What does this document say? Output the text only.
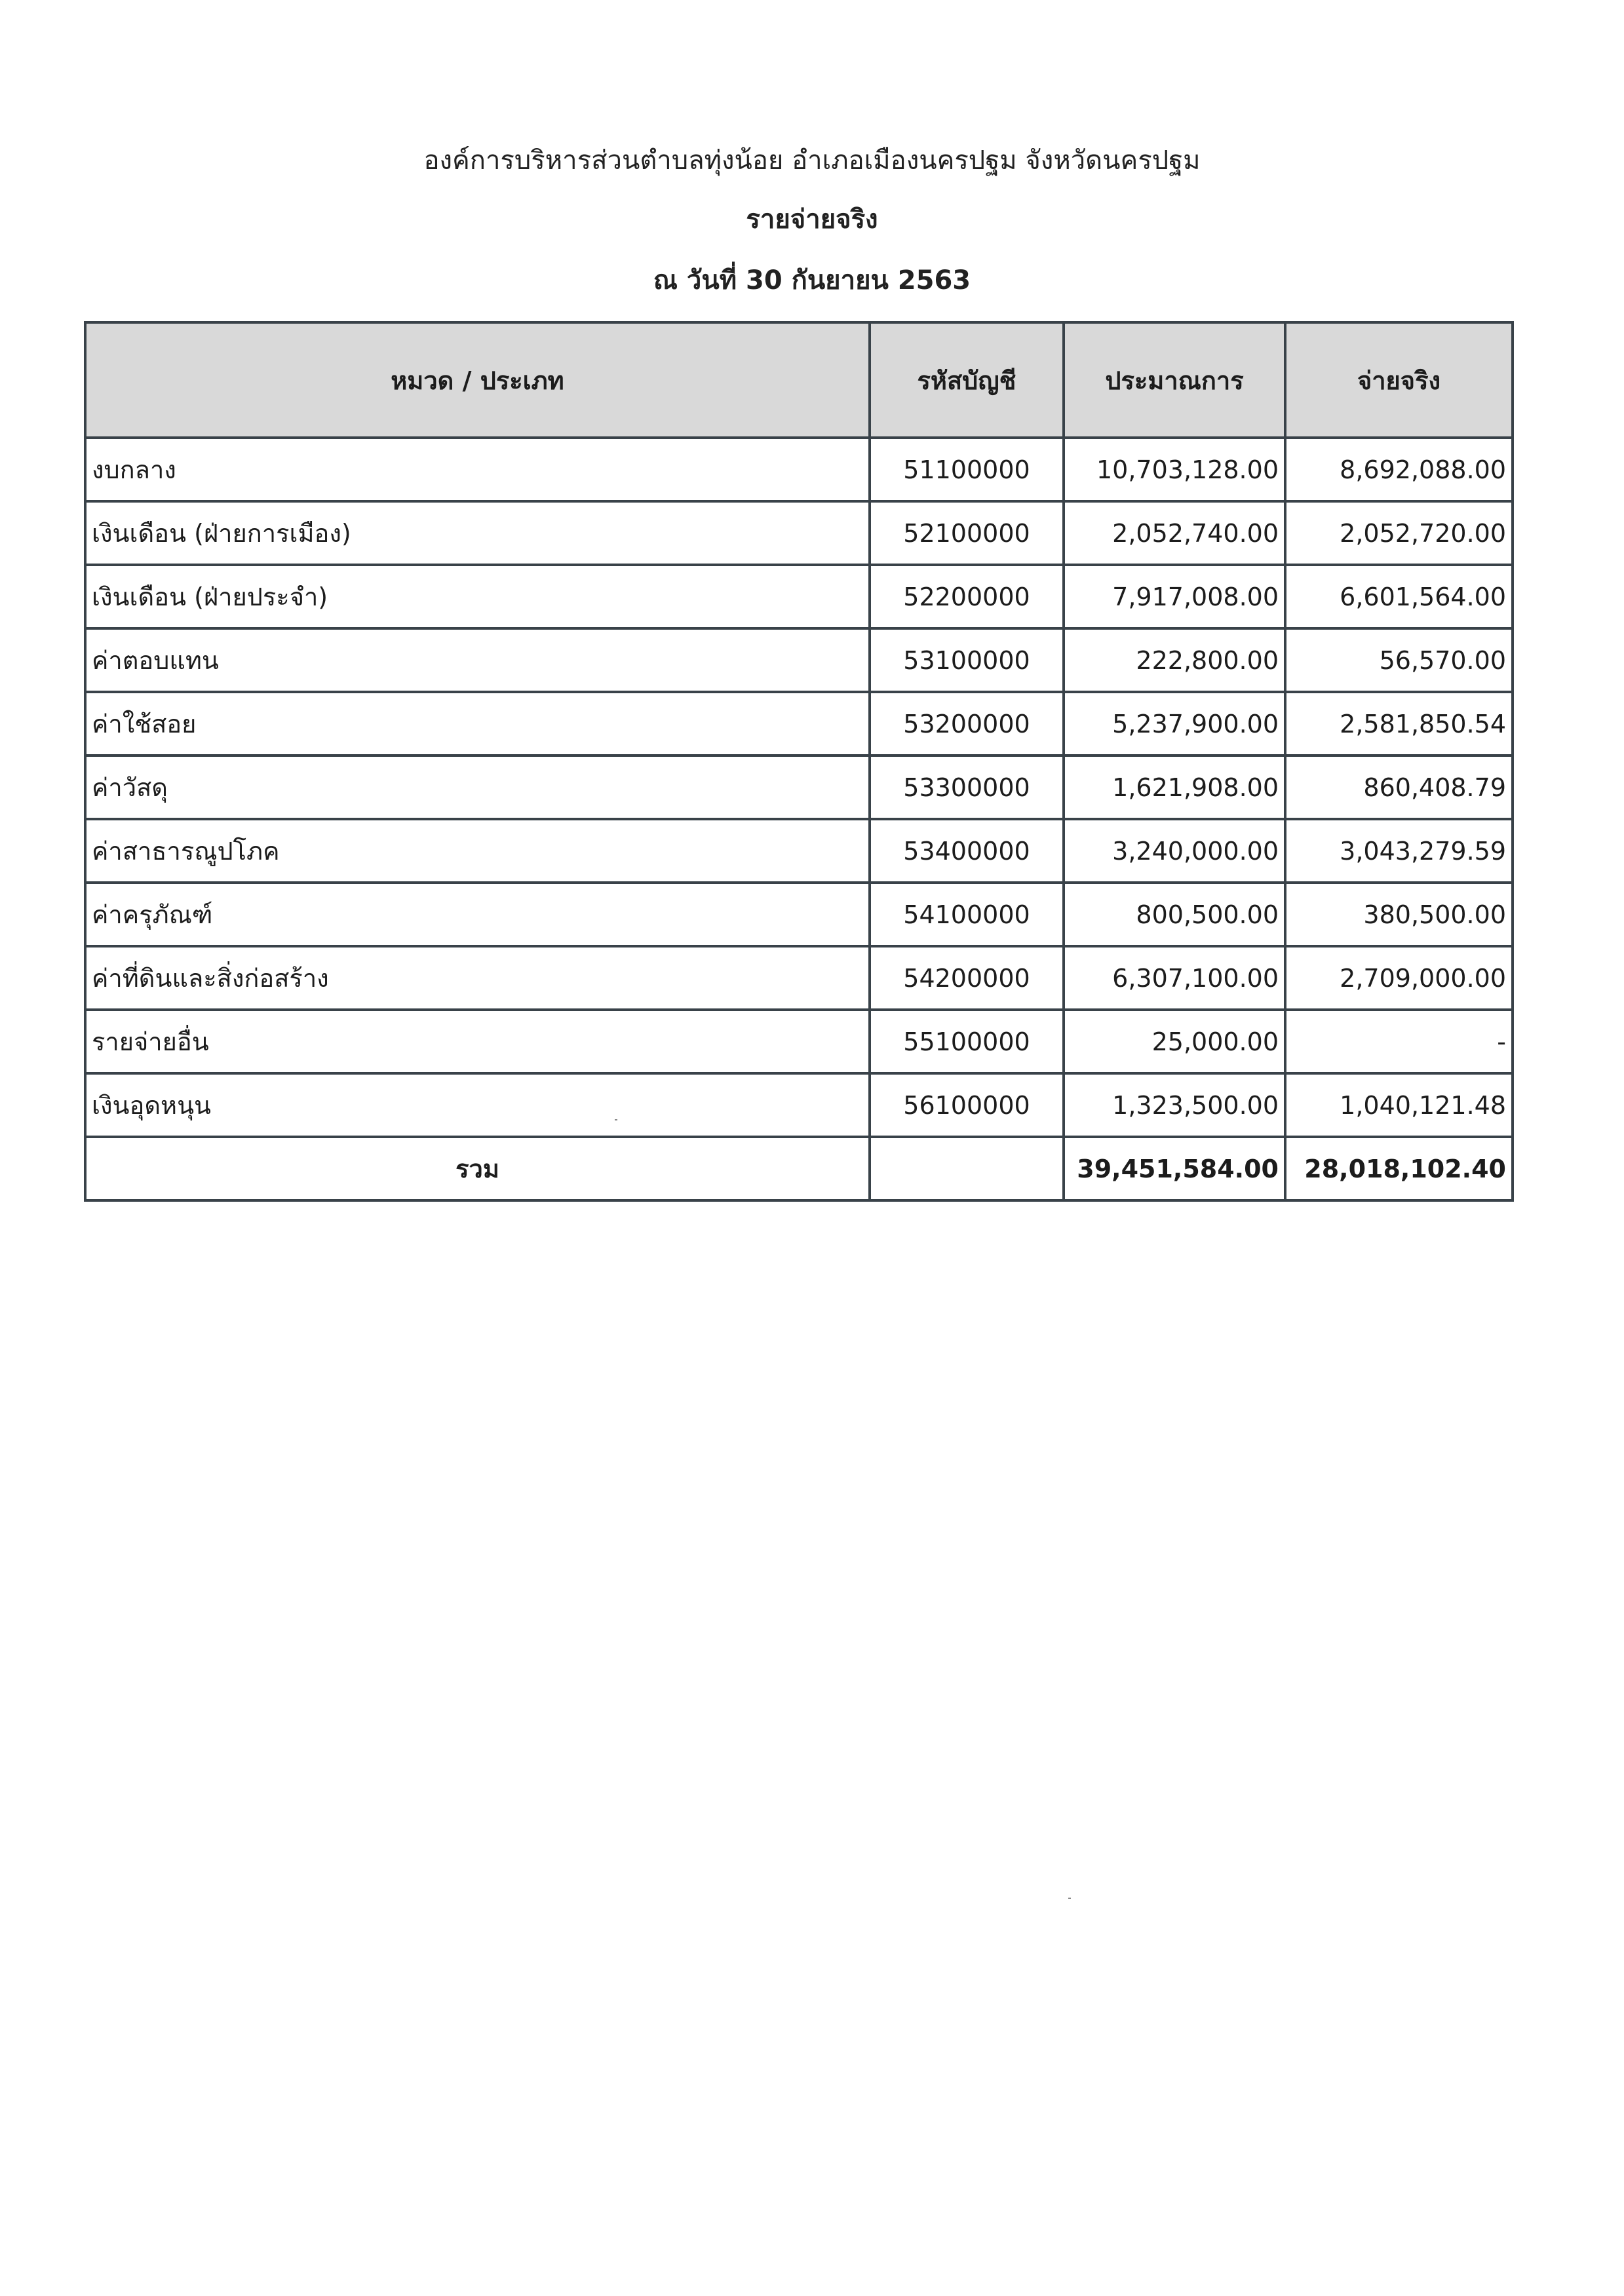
องค์การบริหารส่วนตำบลทุ่งน้อย อำเภอเมืองนครปฐม จังหวัดนครปฐม
รายจ่ายจริง
ณ วันที่ 30 กันยายน 2563
หมวด / ประเภท	รหัสบัญชี	ประมาณการ	จ่ายจริง
งบกลาง	51100000	10,703,128.00	8,692,088.00
เงินเดือน (ฝ่ายการเมือง)	52100000	2,052,740.00	2,052,720.00
เงินเดือน (ฝ่ายประจำ)	52200000	7,917,008.00	6,601,564.00
ค่าตอบแทน	53100000	222,800.00	56,570.00
ค่าใช้สอย	53200000	5,237,900.00	2,581,850.54
ค่าวัสดุ	53300000	1,621,908.00	860,408.79
ค่าสาธารณูปโภค	53400000	3,240,000.00	3,043,279.59
ค่าครุภัณฑ์	54100000	800,500.00	380,500.00
ค่าที่ดินและสิ่งก่อสร้าง	54200000	6,307,100.00	2,709,000.00
รายจ่ายอื่น	55100000	25,000.00	-
เงินอุดหนุน	56100000	1,323,500.00	1,040,121.48
รวม		39,451,584.00	28,018,102.40
